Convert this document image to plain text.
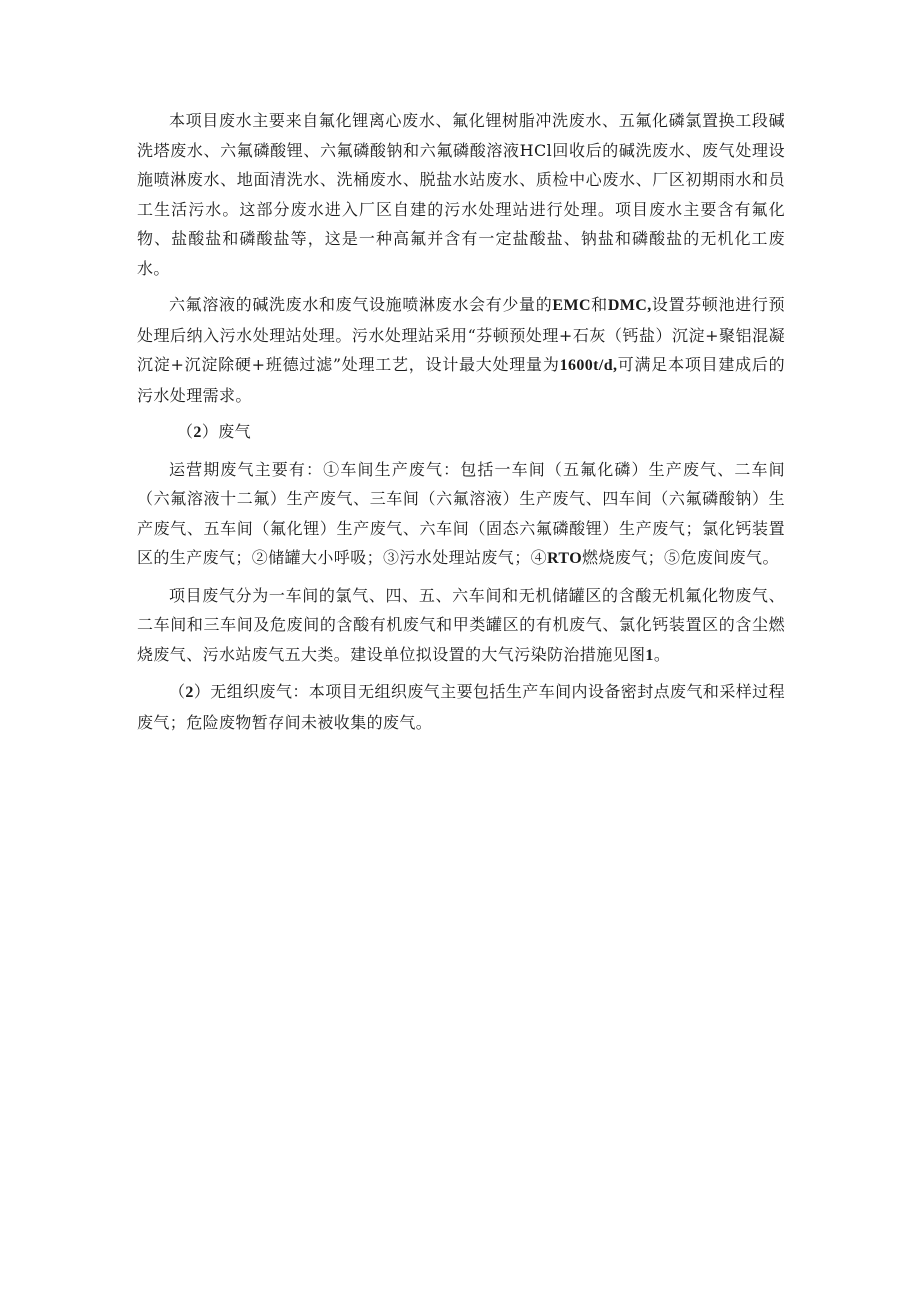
本项目废水主要来自氟化锂离心废水、氟化锂树脂冲洗废水、五氟化磷氯置换工段碱洗塔废水、六氟磷酸锂、六氟磷酸钠和六氟磷酸溶液HCl回收后的碱洗废水、废气处理设施喷淋废水、地面清洗水、洗桶废水、脱盐水站废水、质检中心废水、厂区初期雨水和员工生活污水。这部分废水进入厂区自建的污水处理站进行处理。项目废水主要含有氟化物、盐酸盐和磷酸盐等，这是一种高氟并含有一定盐酸盐、钠盐和磷酸盐的无机化工废水。

六氟溶液的碱洗废水和废气设施喷淋废水会有少量的EMC和DMC,设置芬顿池进行预处理后纳入污水处理站处理。污水处理站采用“芬顿预处理+石灰（钙盐）沉淀+聚铝混凝沉淀+沉淀除硬+班德过滤”处理工艺，设计最大处理量为1600t/d,可满足本项目建成后的污水处理需求。

（2）废气

运营期废气主要有：①车间生产废气：包括一车间（五氟化磷）生产废气、二车间（六氟溶液十二氟）生产废气、三车间（六氟溶液）生产废气、四车间（六氟磷酸钠）生产废气、五车间（氟化锂）生产废气、六车间（固态六氟磷酸锂）生产废气；氯化钙装置区的生产废气；②储罐大小呼吸；③污水处理站废气；④RTO燃烧废气；⑤危废间废气。

项目废气分为一车间的氯气、四、五、六车间和无机储罐区的含酸无机氟化物废气、二车间和三车间及危废间的含酸有机废气和甲类罐区的有机废气、氯化钙装置区的含尘燃烧废气、污水站废气五大类。建设单位拟设置的大气污染防治措施见图1。

（2）无组织废气：本项目无组织废气主要包括生产车间内设备密封点废气和采样过程废气；危险废物暂存间未被收集的废气。
